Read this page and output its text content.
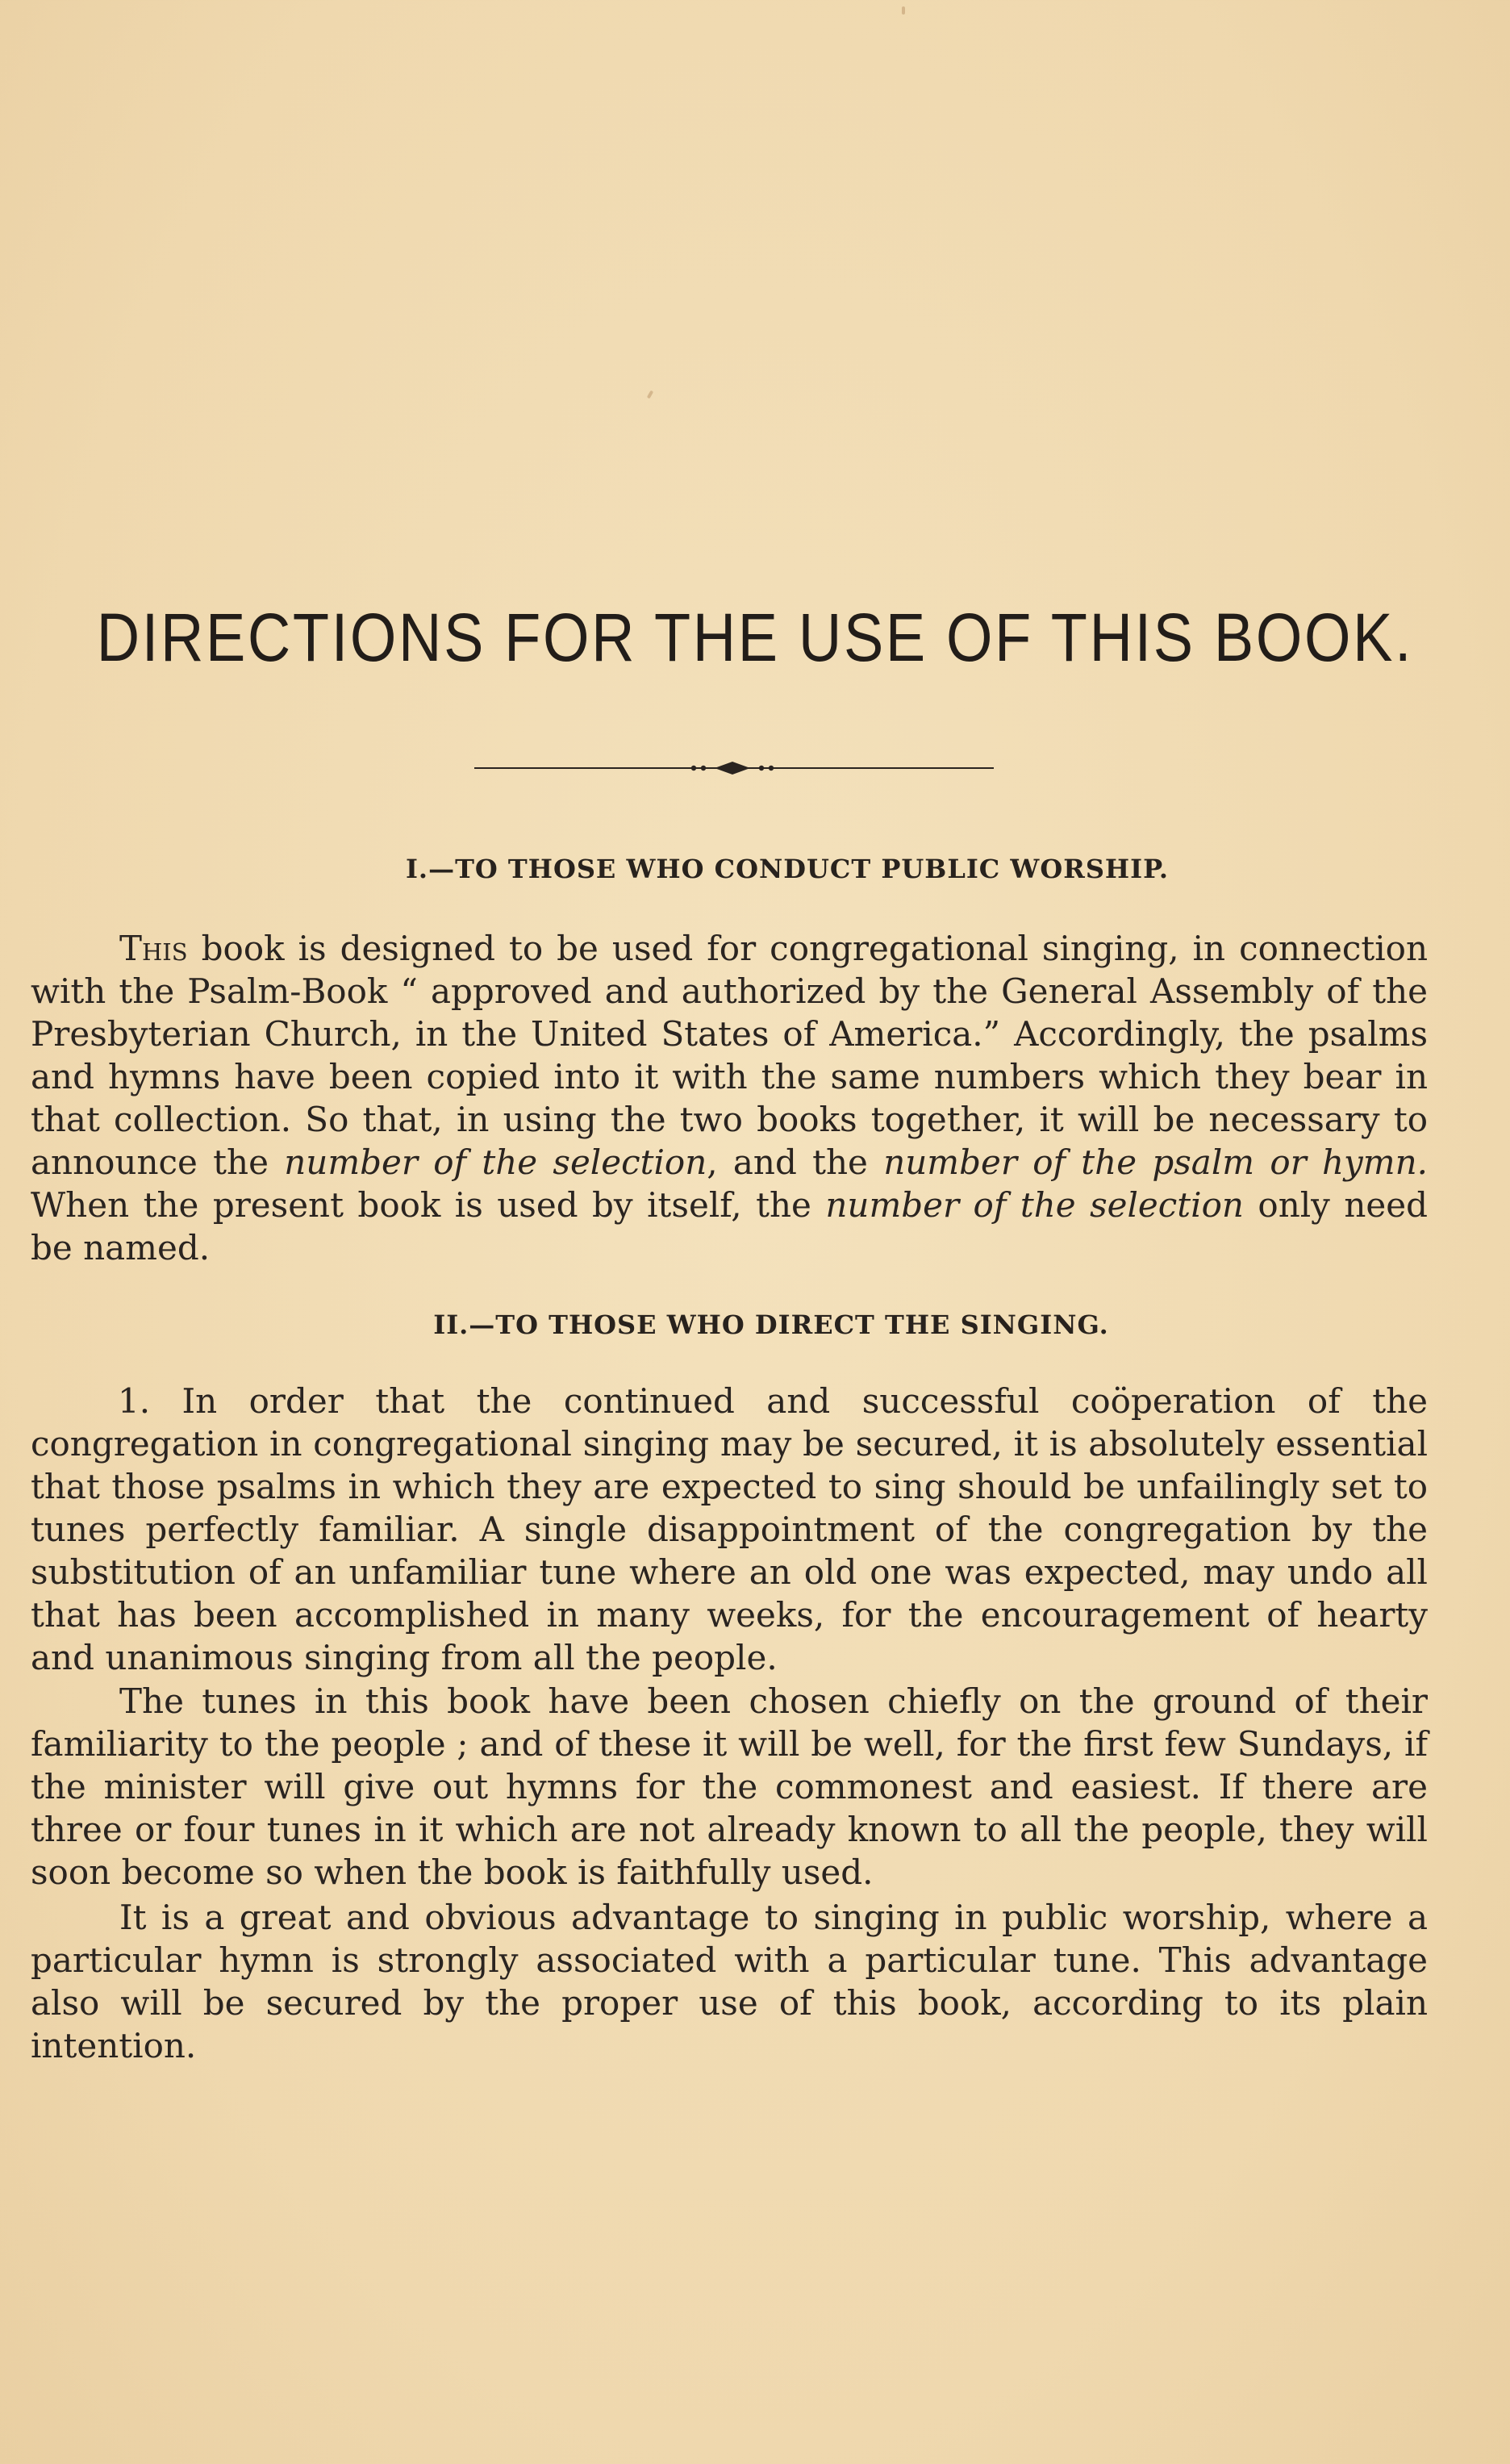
DIRECTIONS FOR THE USE OF THIS BOOK.
I.—TO THOSE WHO CONDUCT PUBLIC WORSHIP.

This book is designed to be used for congregational singing, in connection with the Psalm-Book “ approved and authorized by the General Assembly of the Presbyterian Church, in the United States of America.” Accordingly, the psalms and hymns have been copied into it with the same numbers which they bear in that collection. So that, in using the two books together, it will be necessary to announce the number of the selection, and the number of the psalm or hymn. When the present book is used by itself, the number of the selection only need be named.

II.—TO THOSE WHO DIRECT THE SINGING.

1. In order that the continued and successful coöperation of the congregation in congregational singing may be secured, it is absolutely essential that those psalms in which they are expected to sing should be unfailingly set to tunes perfectly familiar. A single disappointment of the congregation by the substitution of an unfamiliar tune where an old one was expected, may undo all that has been accomplished in many weeks, for the encouragement of hearty and unanimous singing from all the people.

The tunes in this book have been chosen chiefly on the ground of their familiarity to the people ; and of these it will be well, for the first few Sundays, if the minister will give out hymns for the commonest and easiest. If there are three or four tunes in it which are not already known to all the people, they will soon become so when the book is faithfully used.

It is a great and obvious advantage to singing in public worship, where a particular hymn is strongly associated with a particular tune. This advantage also will be secured by the proper use of this book, according to its plain intention.
